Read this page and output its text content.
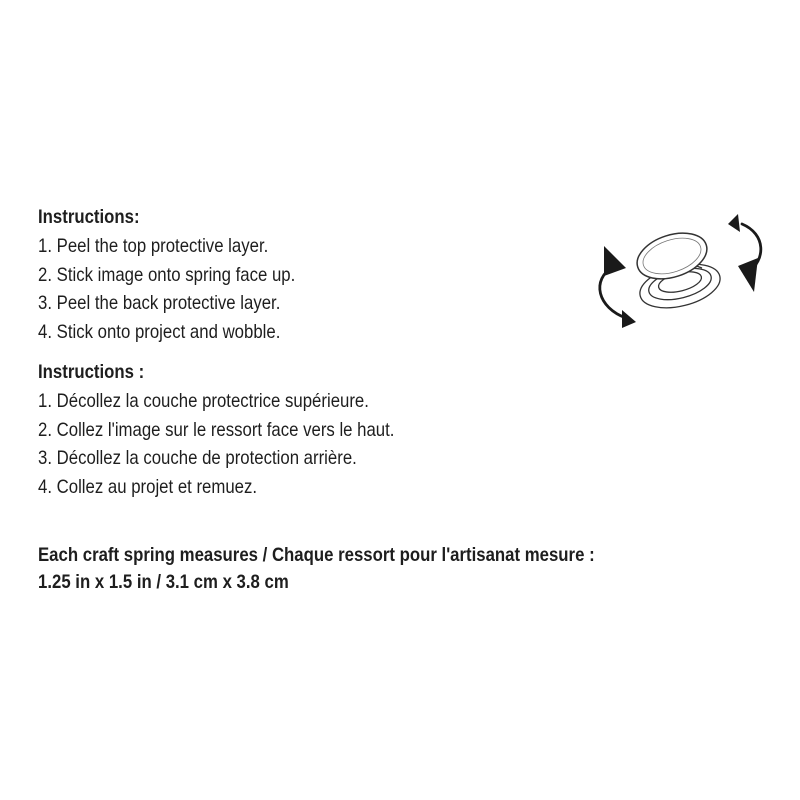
Instructions:
1. Peel the top protective layer.
2. Stick image onto spring face up.
3. Peel the back protective layer.
4. Stick onto project and wobble.
Instructions :
1. Décollez la couche protectrice supérieure.
2. Collez l'image sur le ressort face vers le haut.
3. Décollez la couche de protection arrière.
4. Collez au projet et remuez.
Each craft spring measures / Chaque ressort pour l'artisanat mesure :
1.25 in x 1.5 in / 3.1 cm x 3.8 cm
